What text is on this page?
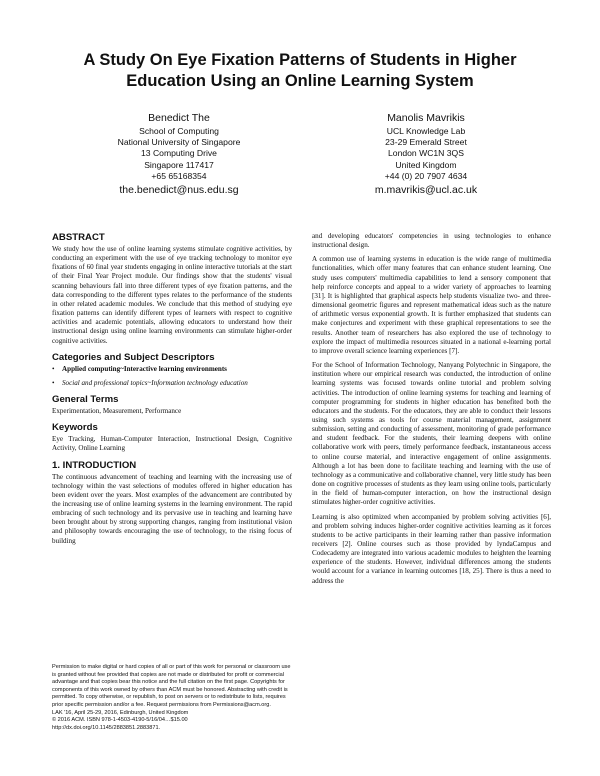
A Study On Eye Fixation Patterns of Students in Higher
Education Using an Online Learning System
Benedict The
School of Computing
National University of Singapore
13 Computing Drive
Singapore 117417
+65 65168354
the.benedict@nus.edu.sg
Manolis Mavrikis
UCL Knowledge Lab
23-29 Emerald Street
London WC1N 3QS
United Kingdom
+44 (0) 20 7907 4634
m.mavrikis@ucl.ac.uk
ABSTRACT

We study how the use of online learning systems stimulate cognitive activities, by conducting an experiment with the use of eye tracking technology to monitor eye fixations of 60 final year students engaging in online interactive tutorials at the start of their Final Year Project module. Our findings show that the students' visual scanning behaviours fall into three different types of eye fixation patterns, and the data corresponding to the different types relates to the performance of the students in other related academic modules. We conclude that this method of studying eye fixation patterns can identify different types of learners with respect to cognitive activities and academic potentials, allowing educators to understand how their instructional design using online learning environments can stimulate higher-order cognitive activities.

Categories and Subject Descriptors

• Applied computing~Interactive learning environments

• Social and professional topics~Information technology education

General Terms

Experimentation, Measurement, Performance

Keywords

Eye Tracking, Human-Computer Interaction, Instructional Design, Cognitive Activity, Online Learning

1. INTRODUCTION

The continuous advancement of teaching and learning with the increasing use of technology within the vast selections of modules offered in higher education has been evident over the years. Most examples of the advancement are contributed by the increasing use of online learning systems in the learning environment. The rapid embracing of such technology and its pervasive use in teaching and learning have been brought about by strong supporting changes, ranging from institutional vision and philosophy towards encouraging the use of technology, to the rising focus of building

Permission to make digital or hard copies of all or part of this work for personal or classroom use is granted without fee provided that copies are not made or distributed for profit or commercial advantage and that copies bear this notice and the full citation on the first page. Copyrights for components of this work owned by others than ACM must be honored. Abstracting with credit is permitted. To copy otherwise, or republish, to post on servers or to redistribute to lists, requires prior specific permission and/or a fee. Request permissions from Permissions@acm.org.

LAK '16, April 25-29, 2016, Edinburgh, United Kingdom

© 2016 ACM. ISBN 978-1-4503-4190-5/16/04…$15.00

http://dx.doi.org/10.1145/2883851.2883871.

and developing educators' competencies in using technologies to enhance instructional design.

A common use of learning systems in education is the wide range of multimedia functionalities, which offer many features that can enhance student learning. One study uses computers' multimedia capabilities to lend a sensory component that help reinforce concepts and appeal to a wider variety of approaches to learning [31]. It is highlighted that graphical aspects help students visualize two- and three-dimensional geometric figures and represent mathematical ideas such as the nature of arithmetic versus exponential growth. It is further emphasized that students can make conjectures and experiment with these graphical representations to see the results. Another team of researchers has also explored the use of technology to explore the impact of multimedia resources situated in a national e-learning portal to improve overall science learning experiences [7].

For the School of Information Technology, Nanyang Polytechnic in Singapore, the institution where our empirical research was conducted, the introduction of online learning systems was focused towards online tutorial and problem solving activities. The introduction of online learning systems for teaching and learning of computer programming for students in higher education has benefited both the educators and the students. For the educators, they are able to conduct their lessons using such systems as tools for course material management, assignment submission, setting and conducting of assessment, monitoring of grade performance and student feedback. For the students, their learning deepens with online collaborative work with peers, timely performance feedback, instantaneous access to online course material, and interactive engagement of online assignments. Although a lot has been done to facilitate teaching and learning with the use of technology as a communicative and collaborative channel, very little study has been done on cognitive processes of students as they learn using online tools, particularly in the field of human-computer interaction, on how the instructional design stimulates higher-order cognitive activities.

Learning is also optimized when accompanied by problem solving activities [6], and problem solving induces higher-order cognitive activities learning as it forces students to be active participants in their learning rather than passive information receivers [2]. Online courses such as those provided by lyndaCampus and Codecademy are integrated into various academic modules to heighten the learning experience of the students. However, individual differences among the students would account for a variance in learning outcomes [18, 25]. There is thus a need to address the
